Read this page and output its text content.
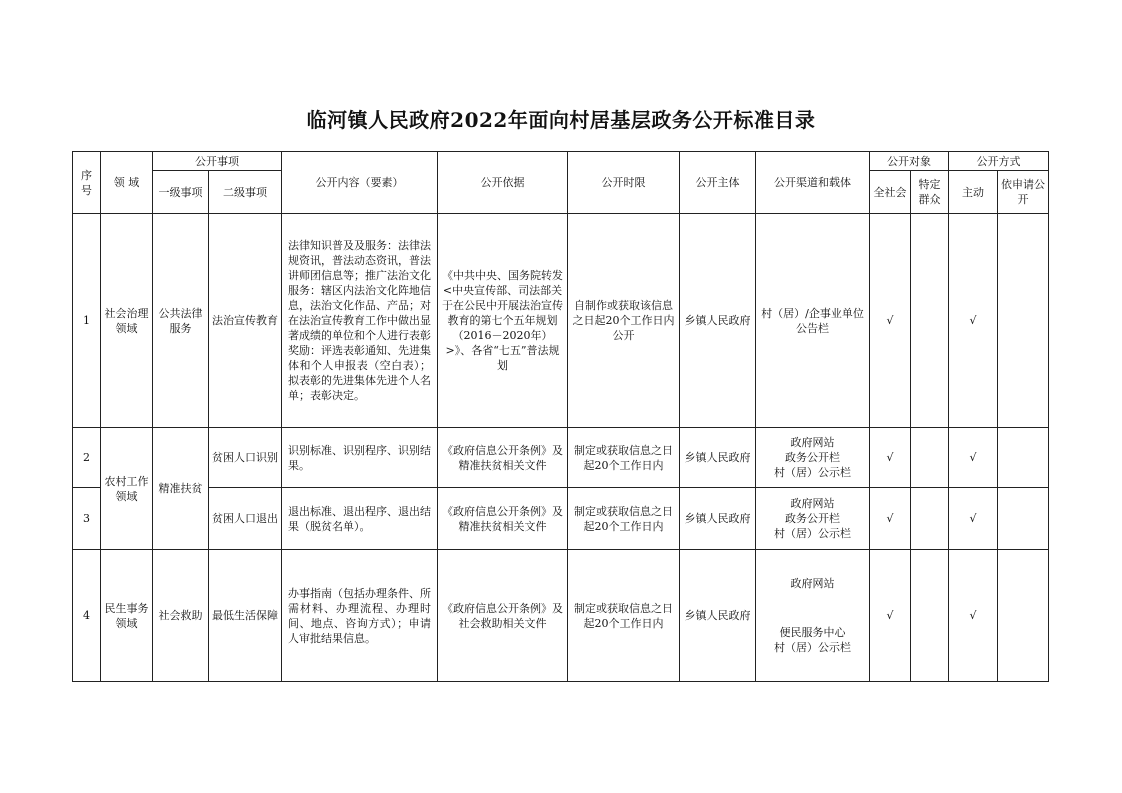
临河镇人民政府2022年面向村居基层政务公开标准目录
序号	领 域	公开事项		公开内容（要素）	公开依据	公开时限	公开主体	公开渠道和载体	公开对象		公开方式	
		一级事项	二级事项						全社会	特定群众	主动	依申请公开
1	社会治理领域	公共法律服务	法治宣传教育	法律知识普及及服务：法律法规资讯，普法动态资讯，普法讲师团信息等；推广法治文化服务：辖区内法治文化阵地信息，法治文化作品、产品；对在法治宣传教育工作中做出显著成绩的单位和个人进行表彰奖励：评选表彰通知、先进集体和个人申报表（空白表）；拟表彰的先进集体先进个人名单；表彰决定。	《中共中央、国务院转发<中央宣传部、司法部关于在公民中开展法治宣传教育的第七个五年规划（2016－2020年）>》、各省“七五”普法规划	自制作或获取该信息之日起20个工作日内公开	乡镇人民政府	村（居）/企事业单位公告栏	√		√	
2	农村工作领域	精准扶贫	贫困人口识别	识别标准、识别程序、识别结果。	《政府信息公开条例》及精准扶贫相关文件	制定或获取信息之日起20个工作日内	乡镇人民政府	政府网站
政务公开栏
村（居）公示栏	√		√	
3			贫困人口退出	退出标准、退出程序、退出结果（脱贫名单）。	《政府信息公开条例》及精准扶贫相关文件	制定或获取信息之日起20个工作日内	乡镇人民政府	政府网站
政务公开栏
村（居）公示栏	√		√	
4	民生事务领域	社会救助	最低生活保障	办事指南（包括办理条件、所需材料、办理流程、办理时间、地点、咨询方式）；申请人审批结果信息。	《政府信息公开条例》及社会救助相关文件	制定或获取信息之日起20个工作日内	乡镇人民政府	政府网站
便民服务中心
村（居）公示栏	√		√	
